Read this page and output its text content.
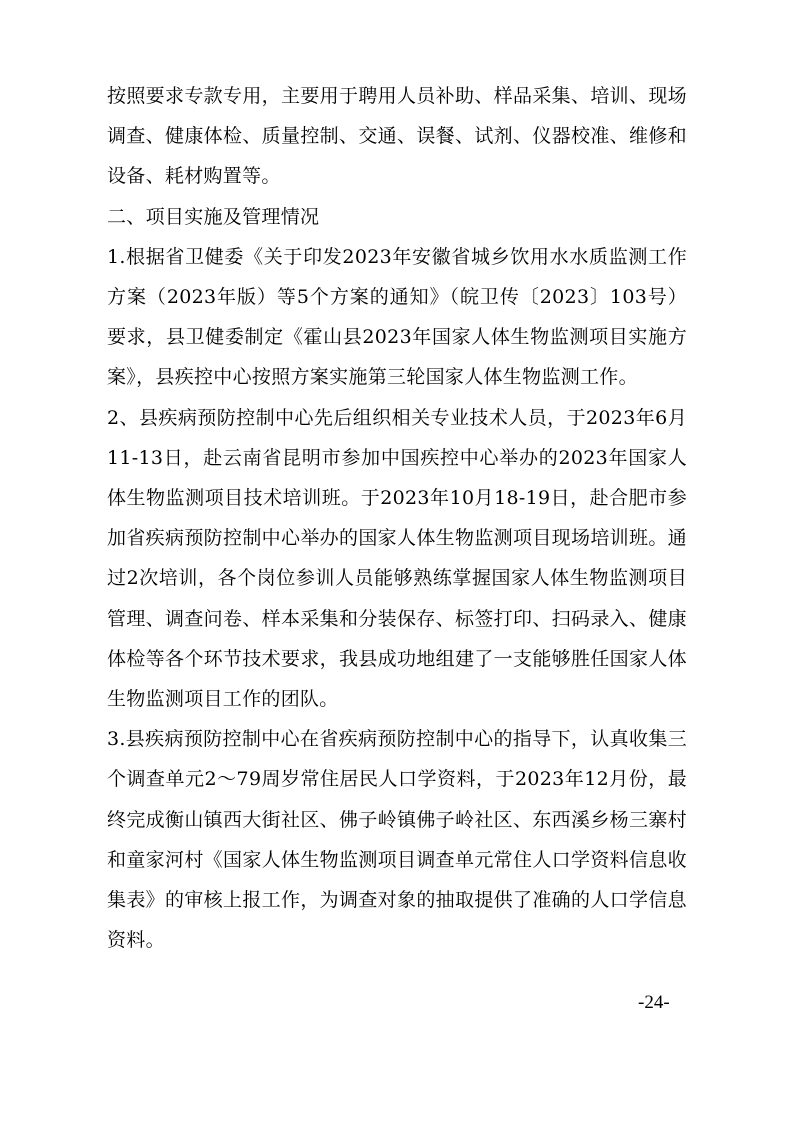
按照要求专款专用，主要用于聘用人员补助、样品采集、培训、现场调查、健康体检、质量控制、交通、误餐、试剂、仪器校准、维修和设备、耗材购置等。

二、项目实施及管理情况

1.根据省卫健委《关于印发2023年安徽省城乡饮用水水质监测工作方案（2023年版）等5个方案的通知》（皖卫传〔2023〕103号）要求，县卫健委制定《霍山县2023年国家人体生物监测项目实施方案》，县疾控中心按照方案实施第三轮国家人体生物监测工作。

2、县疾病预防控制中心先后组织相关专业技术人员，于2023年6月11-13日，赴云南省昆明市参加中国疾控中心举办的2023年国家人体生物监测项目技术培训班。于2023年10月18-19日，赴合肥市参加省疾病预防控制中心举办的国家人体生物监测项目现场培训班。通过2次培训，各个岗位参训人员能够熟练掌握国家人体生物监测项目管理、调查问卷、样本采集和分装保存、标签打印、扫码录入、健康体检等各个环节技术要求，我县成功地组建了一支能够胜任国家人体生物监测项目工作的团队。

3.县疾病预防控制中心在省疾病预防控制中心的指导下，认真收集三个调查单元2～79周岁常住居民人口学资料，于2023年12月份，最终完成衡山镇西大街社区、佛子岭镇佛子岭社区、东西溪乡杨三寨村和童家河村《国家人体生物监测项目调查单元常住人口学资料信息收集表》的审核上报工作，为调查对象的抽取提供了准确的人口学信息资料。

-24-
